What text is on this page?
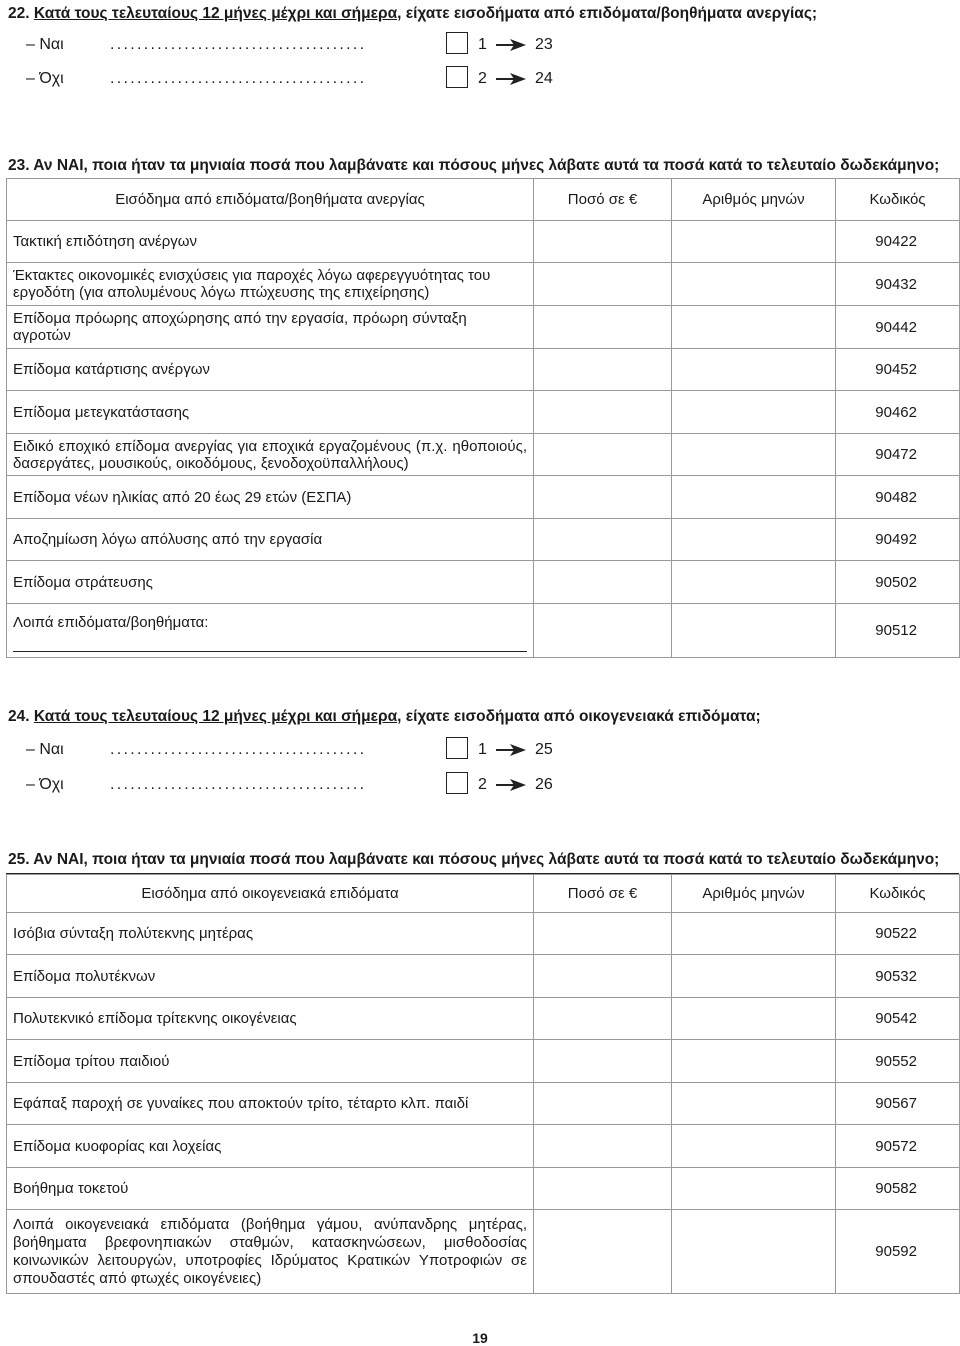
22. Κατά τους τελευταίους 12 μήνες μέχρι και σήμερα, είχατε εισοδήματα από επιδόματα/βοηθήματα ανεργίας;
– Ναι	......................................	1	23
– Όχι	......................................	2	24
23. Αν ΝΑΙ, ποια ήταν τα μηνιαία ποσά που λαμβάνατε και πόσους μήνες λάβατε αυτά τα ποσά κατά το τελευταίο δωδεκάμηνο;
Εισόδημα από επιδόματα/βοηθήματα ανεργίας	Ποσό σε €	Αριθμός μηνών	Κωδικός
Τακτική επιδότηση ανέργων			90422
Έκτακτες οικονομικές ενισχύσεις για παροχές λόγω αφερεγγυότητας του εργοδότη (για απολυμένους λόγω πτώχευσης της επιχείρησης)			90432
Επίδομα πρόωρης αποχώρησης από την εργασία, πρόωρη σύνταξη αγροτών			90442
Επίδομα κατάρτισης ανέργων			90452
Επίδομα μετεγκατάστασης			90462
Ειδικό εποχικό επίδομα ανεργίας για εποχικά εργαζομένους (π.χ. ηθοποιούς, δασεργάτες, μουσικούς, οικοδόμους, ξενοδοχοϋπαλλήλους)			90472
Επίδομα νέων ηλικίας από 20 έως 29 ετών (ΕΣΠΑ)			90482
Αποζημίωση λόγω απόλυσης από την εργασία			90492
Επίδομα στράτευσης			90502

Λοιπά επιδόματα/βοηθήματα:			90512
24. Κατά τους τελευταίους 12 μήνες μέχρι και σήμερα, είχατε εισοδήματα από οικογενειακά επιδόματα;
– Ναι	......................................	1	25
– Όχι	......................................	2	26
25. Αν ΝΑΙ, ποια ήταν τα μηνιαία ποσά που λαμβάνατε και πόσους μήνες λάβατε αυτά τα ποσά κατά το τελευταίο δωδεκάμηνο;
Εισόδημα από οικογενειακά επιδόματα	Ποσό σε €	Αριθμός μηνών	Κωδικός
Ισόβια σύνταξη πολύτεκνης μητέρας			90522
Επίδομα πολυτέκνων			90532
Πολυτεκνικό επίδομα τρίτεκνης οικογένειας			90542
Επίδομα τρίτου παιδιού			90552
Εφάπαξ παροχή σε γυναίκες που αποκτούν τρίτο, τέταρτο κλπ. παιδί			90567
Επίδομα κυοφορίας και λοχείας			90572
Βοήθημα τοκετού			90582
Λοιπά οικογενειακά επιδόματα (βοήθημα γάμου, ανύπανδρης μητέρας, βοήθηματα βρεφονηπιακών σταθμών, κατασκηνώσεων, μισθοδοσίας κοινωνικών λειτουργών, υποτροφίες Ιδρύματος Κρατικών Υποτροφιών σε σπουδαστές από φτωχές οικογένειες)			90592
19
